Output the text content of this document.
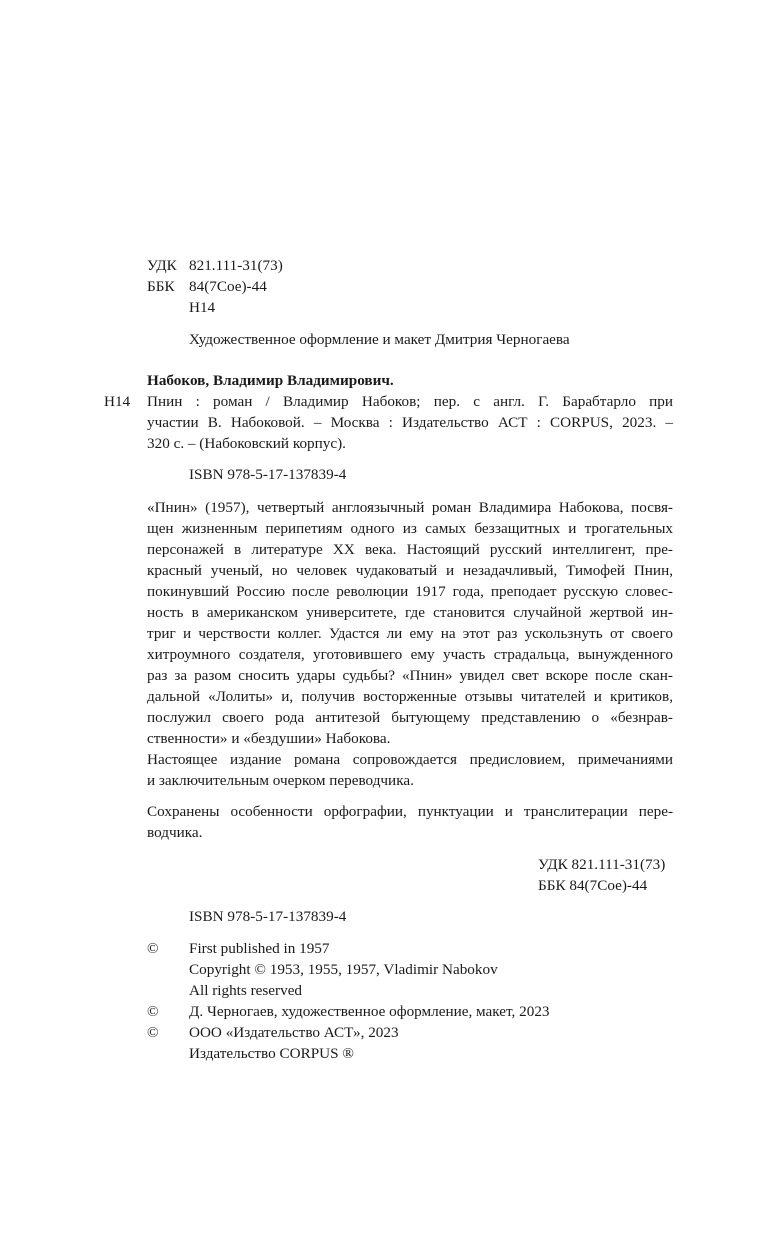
УДК 821.111-31(73)
ББК 84(7Сое)-44
Н14
Художественное оформление и макет Дмитрия Черногаева
Набоков, Владимир Владимирович.
Н14 Пнин : роман / Владимир Набоков; пер. с англ. Г. Барабтарло при
участии В. Набоковой. – Москва : Издательство АСТ : CORPUS, 2023. –
320 с. – (Набоковский корпус).
ISBN 978-5-17-137839-4
«Пнин» (1957), четвертый англоязычный роман Владимира Набокова, посвя-
щен жизненным перипетиям одного из самых беззащитных и трогательных
персонажей в литературе XX века. Настоящий русский интеллигент, пре-
красный ученый, но человек чудаковатый и незадачливый, Тимофей Пнин,
покинувший Россию после революции 1917 года, преподает русскую словес-
ность в американском университете, где становится случайной жертвой ин-
триг и черствости коллег. Удастся ли ему на этот раз ускользнуть от своего
хитроумного создателя, уготовившего ему участь страдальца, вынужденного
раз за разом сносить удары судьбы? «Пнин» увидел свет вскоре после скан-
дальной «Лолиты» и, получив восторженные отзывы читателей и критиков,
послужил своего рода антитезой бытующему представлению о «безнрав-
ственности» и «бездушии» Набокова.
Настоящее издание романа сопровождается предисловием, примечаниями
и заключительным очерком переводчика.
Сохранены особенности орфографии, пунктуации и транслитерации пере-
водчика.
УДК 821.111-31(73)
ББК 84(7Сое)-44
ISBN 978-5-17-137839-4
© First published in 1957
Copyright © 1953, 1955, 1957, Vladimir Nabokov
All rights reserved
© Д. Черногаев, художественное оформление, макет, 2023
© ООО «Издательство АСТ», 2023
Издательство CORPUS ®
